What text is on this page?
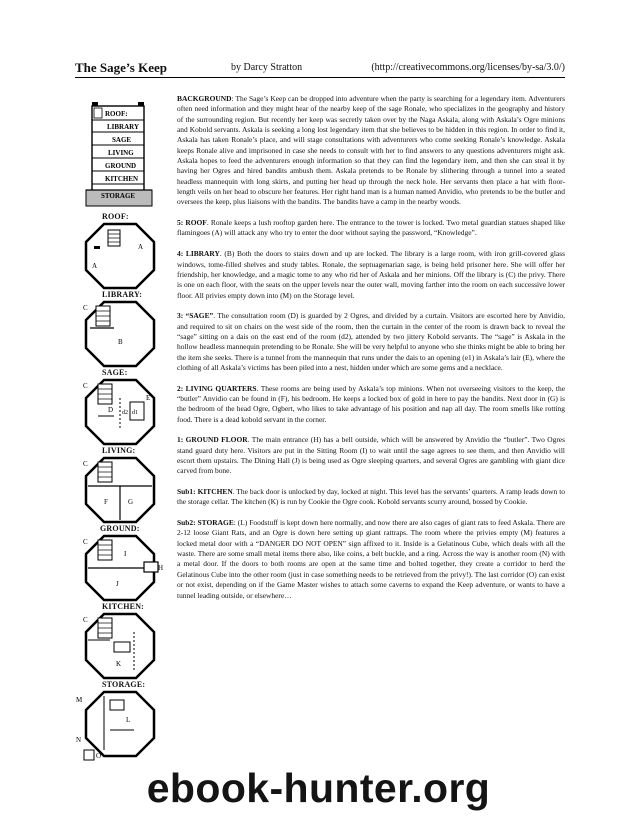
The Sage’s Keep	by Darcy Stratton	(http://creativecommons.org/licenses/by-sa/3.0/)
ROOF:
LIBRARY
SAGE
LIVING
GROUND
KITCHEN
STORAGE
ROOF:
A
A
LIBRARY:
C
B
SAGE:
C
D
E
d2 d1
LIVING:
C
F	G
GROUND:
C
I
H
J
KITCHEN:
C
K
STORAGE:
M
L
N
O

BACKGROUND: The Sage’s Keep can be dropped into adventure when the party is searching for a legendary item. Adventurers often need information and they might hear of the nearby keep of the sage Ronale, who specializes in the geography and history of the surrounding region. But recently her keep was secretly taken over by the Naga Askala, along with Askala’s Ogre minions and Kobold servants. Askala is seeking a long lost legendary item that she believes to be hidden in this region. In order to find it, Askala has taken Ronale’s place, and will stage consultations with adventurers who come seeking Ronale’s knowledge. Askala keeps Ronale alive and imprisoned in case she needs to consult with her to find answers to any questions adventurers might ask. Askala hopes to feed the adventurers enough information so that they can find the legendary item, and then she can steal it by having her Ogres and hired bandits ambush them. Askala pretends to be Ronale by slithering through a tunnel into a seated headless mannequin with long skirts, and putting her head up through the neck hole. Her servants then place a hat with floor-length veils on her head to obscure her features. Her right hand man is a human named Anvidio, who pretends to be the butler and oversees the keep, plus liaisons with the bandits. The bandits have a camp in the nearby woods.

5: ROOF. Ronale keeps a lush rooftop garden here. The entrance to the tower is locked. Two metal guardian statues shaped like flamingoes (A) will attack any who try to enter the door without saying the password, “Knowledge”.

4: LIBRARY. (B) Both the doors to stairs down and up are locked. The library is a large room, with iron grill-covered glass windows, tome-filled shelves and study tables. Ronale, the septuagenarian sage, is being held prisoner here. She will offer her friendship, her knowledge, and a magic tome to any who rid her of Askala and her minions. Off the library is (C) the privy. There is one on each floor, with the seats on the upper levels near the outer wall, moving farther into the room on each successive lower floor. All privies empty down into (M) on the Storage level.

3: “SAGE”. The consultation room (D) is guarded by 2 Ogres, and divided by a curtain. Visitors are escorted here by Anvidio, and required to sit on chairs on the west side of the room, then the curtain in the center of the room is drawn back to reveal the “sage” sitting on a dais on the east end of the room (d2), attended by two jittery Kobold servants. The “sage” is Askala in the hollow headless mannequin pretending to be Ronale. She will be very helpful to anyone who she thinks might be able to bring her the item she seeks. There is a tunnel from the mannequin that runs under the dais to an opening (e1) in Askala’s lair (E), where the clothing of all Askala’s victims has been piled into a nest, hidden under which are some gems and a necklace.

2: LIVING QUARTERS. These rooms are being used by Askala’s top minions. When not overseeing visitors to the keep, the “butler” Anvidio can be found in (F), his bedroom. He keeps a locked box of gold in here to pay the bandits. Next door in (G) is the bedroom of the head Ogre, Ogbert, who likes to take advantage of his position and nap all day. The room smells like rotting food. There is a dead kobold servant in the corner.

1: GROUND FLOOR. The main entrance (H) has a bell outside, which will be answered by Anvidio the “butler”. Two Ogres stand guard duty here. Visitors are put in the Sitting Room (I) to wait until the sage agrees to see them, and then Anvidio will escort them upstairs. The Dining Hall (J) is being used as Ogre sleeping quarters, and several Ogres are gambling with giant dice carved from bone.

Sub1: KITCHEN. The back door is unlocked by day, locked at night. This level has the servants’ quarters. A ramp leads down to the storage cellar. The kitchen (K) is run by Cookie the Ogre cook. Kobold servants scurry around, bossed by Cookie.

Sub2: STORAGE: (L) Foodstuff is kept down here normally, and now there are also cages of giant rats to feed Askala. There are 2-12 loose Giant Rats, and an Ogre is down here setting up giant rattraps. The room where the privies empty (M) features a locked metal door with a “DANGER DO NOT OPEN” sign affixed to it. Inside is a Gelatinous Cube, which deals with all the waste. There are some small metal items there also, like coins, a belt buckle, and a ring. Across the way is another room (N) with a metal door. If the doors to both rooms are open at the same time and bolted together, they create a corridor to herd the Gelatinous Cube into the other room (just in case something needs to be retrieved from the privy!). The last corridor (O) can exist or not exist, depending on if the Game Master wishes to attach some caverns to expand the Keep adventure, or wants to have a tunnel leading outside, or elsewhere…

ebook-hunter.org
